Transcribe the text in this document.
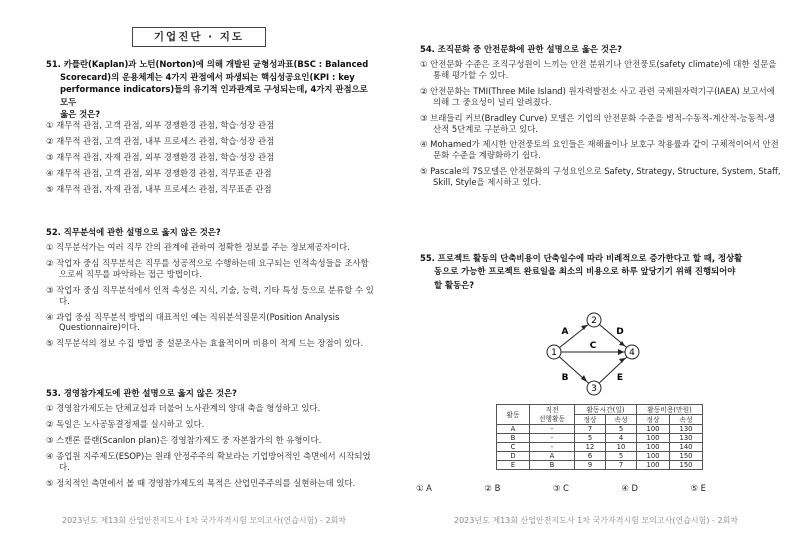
기업진단 · 지도
51. 카플란(Kaplan)과 노턴(Norton)에 의해 개발된 균형성과표(BSC : Balanced
Scorecard)의 운용체계는 4가지 관점에서 파생되는 핵심성공요인(KPI : key
performance indicators)들의 유기적 인과관계로 구성되는데, 4가지 관점으로 모두
옳은 것은?
① 재무적 관점, 고객 관점, 외부 경쟁환경 관점, 학습·성장 관점
② 재무적 관점, 고객 관점, 내부 프로세스 관점, 학습·성장 관점
③ 재무적 관점, 자재 관점, 외부 경쟁환경 관점, 학습·성장 관점
④ 재무적 관점, 고객 관점, 외부 경쟁환경 관점, 직무표준 관점
⑤ 재무적 관점, 자재 관점, 내부 프로세스 관점, 직무표준 관점
52. 직무분석에 관한 설명으로 옳지 않은 것은?
① 직무분석가는 여러 직무 간의 관계에 관하여 정확한 정보를 주는 정보제공자이다.
② 작업자 중심 직무분석은 직무를 성공적으로 수행하는데 요구되는 인적속성들을 조사함으로써 직무를 파악하는 접근 방법이다.
③ 작업자 중심 직무분석에서 인적 속성은 지식, 기술, 능력, 기타 특성 등으로 분류할 수 있다.
④ 과업 중심 직무분석 방법의 대표적인 예는 직위분석질문지(Position Analysis Questionnaire)이다.
⑤ 직무분석의 정보 수집 방법 중 설문조사는 효율적이며 비용이 적게 드는 장점이 있다.
53. 경영참가제도에 관한 설명으로 옳지 않은 것은?
① 경영참가제도는 단체교섭과 더불어 노사관계의 양대 축을 형성하고 있다.
② 독일은 노사공동결정제를 실시하고 있다.
③ 스캔론 플랜(Scanlon plan)은 경영참가제도 중 자본참가의 한 유형이다.
④ 종업원 지주제도(ESOP)는 원래 안정주주의 확보라는 기업방어적인 측면에서 시작되었다.
⑤ 정치적인 측면에서 볼 때 경영참가제도의 목적은 산업민주주의를 실현하는데 있다.
2023년도 제13회 산업안전지도사 1차 국가자격시험 모의고사(연습시험) - 2회차
54. 조직문화 중 안전문화에 관한 설명으로 옳은 것은?
① 안전문화 수준은 조직구성원이 느끼는 안전 분위기나 안전풍토(safety climate)에 대한 설문을 통해 평가할 수 있다.
② 안전문화는 TMI(Three Mile Island) 원자력발전소 사고 관련 국제원자력기구(IAEA) 보고서에 의해 그 중요성이 널리 알려졌다.
③ 브래들리 커브(Bradley Curve) 모델은 기업의 안전문화 수준을 병적-수동적-계산적-능동적-생산적 5단계로 구분하고 있다.
④ Mohamed가 제시한 안전풍토의 요인들은 재해율이나 보호구 착용률과 같이 구체적이어서 안전문화 수준을 계량화하기 쉽다.
⑤ Pascale의 7S모델은 안전문화의 구성요인으로 Safety, Strategy, Structure, System, Staff, Skill, Style을 제시하고 있다.
55. 프로젝트 활동의 단축비용이 단축일수에 따라 비례적으로 증가한다고 할 때, 정상활
동으로 가능한 프로젝트 완료일을 최소의 비용으로 하루 앞당기기 위해 진행되어야
할 활동은?
1
2
3
4
A
B
C
D
E
활동	직전	활동시간(일)		활동비용(만원)	
	선행활동	정상	속성	정상	속성
A	-	7	5	100	130
B	-	5	4	100	130
C	-	12	10	100	140
D	A	6	5	100	150
E	B	9	7	100	150
① A	② B	③ C	④ D	⑤ E
2023년도 제13회 산업안전지도사 1차 국가자격시험 모의고사(연습시험) - 2회차
